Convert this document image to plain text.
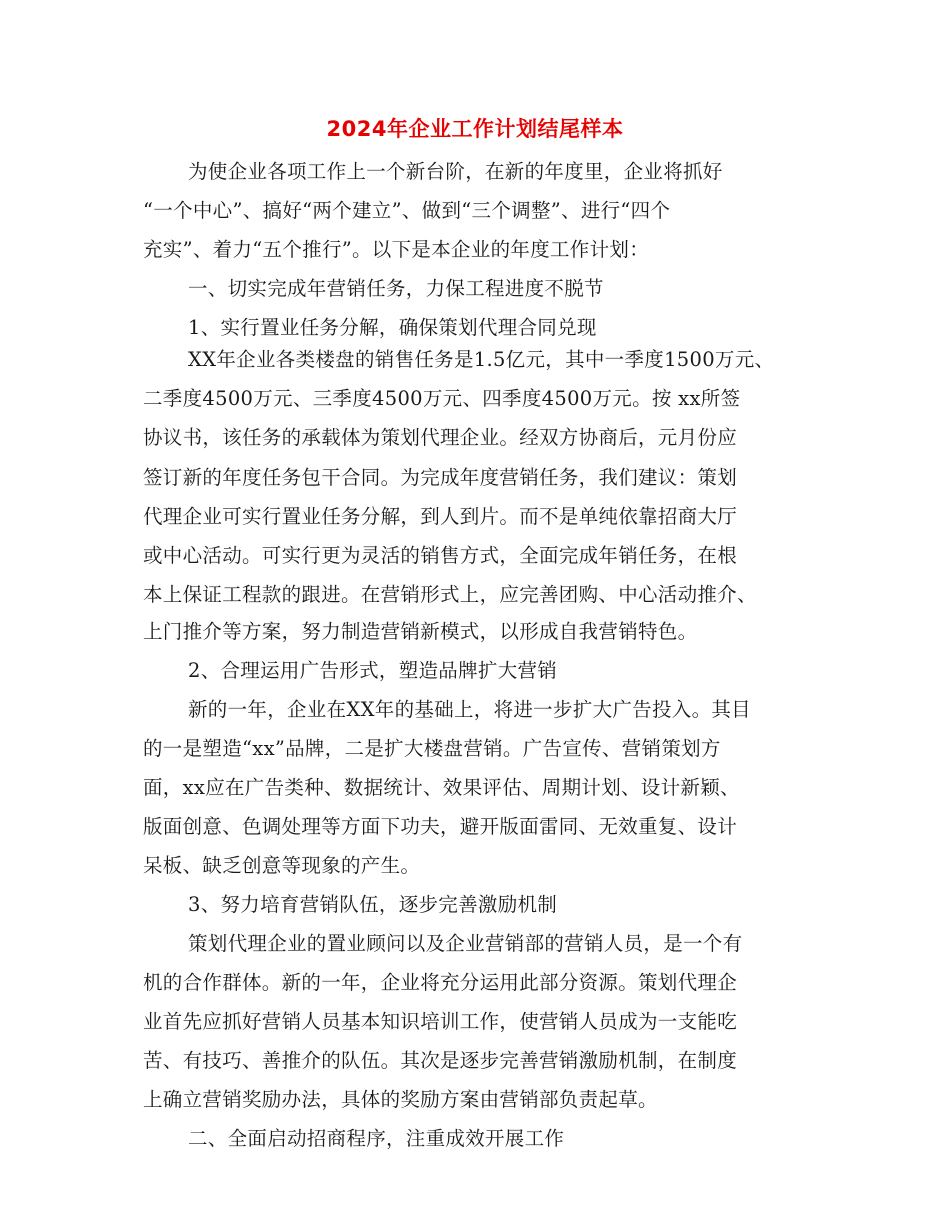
2024年企业工作计划结尾样本
为使企业各项工作上一个新台阶，在新的年度里，企业将抓好
“一个中心”、搞好“两个建立”、做到“三个调整”、进行“四个
充实”、着力“五个推行”。以下是本企业的年度工作计划：
一、切实完成年营销任务，力保工程进度不脱节
1、实行置业任务分解，确保策划代理合同兑现
XX年企业各类楼盘的销售任务是1.5亿元，其中一季度1500万元、
二季度4500万元、三季度4500万元、四季度4500万元。按 xx所签
协议书，该任务的承载体为策划代理企业。经双方协商后，元月份应
签订新的年度任务包干合同。为完成年度营销任务，我们建议：策划
代理企业可实行置业任务分解，到人到片。而不是单纯依靠招商大厅
或中心活动。可实行更为灵活的销售方式，全面完成年销任务，在根
本上保证工程款的跟进。在营销形式上，应完善团购、中心活动推介、
上门推介等方案，努力制造营销新模式，以形成自我营销特色。
2、合理运用广告形式，塑造品牌扩大营销
新的一年，企业在XX年的基础上，将进一步扩大广告投入。其目
的一是塑造“xx”品牌，二是扩大楼盘营销。广告宣传、营销策划方
面，xx应在广告类种、数据统计、效果评估、周期计划、设计新颖、
版面创意、色调处理等方面下功夫，避开版面雷同、无效重复、设计
呆板、缺乏创意等现象的产生。
3、努力培育营销队伍，逐步完善激励机制
策划代理企业的置业顾问以及企业营销部的营销人员，是一个有
机的合作群体。新的一年，企业将充分运用此部分资源。策划代理企
业首先应抓好营销人员基本知识培训工作，使营销人员成为一支能吃
苦、有技巧、善推介的队伍。其次是逐步完善营销激励机制，在制度
上确立营销奖励办法，具体的奖励方案由营销部负责起草。
二、全面启动招商程序，注重成效开展工作
